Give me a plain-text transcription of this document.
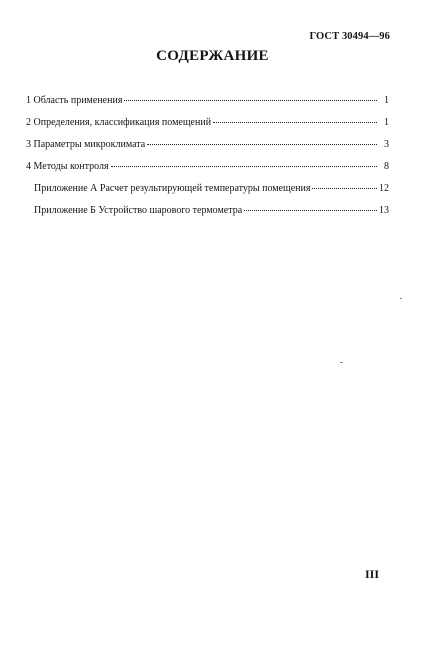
ГОСТ 30494—96
СОДЕРЖАНИЕ
1 Область применения	1
2 Определения, классификация помещений	1
3 Параметры микроклимата	3
4 Методы контроля	8
Приложение А Расчет результирующей температуры помещения	12
Приложение Б Устройство шарового термометра	13
III
